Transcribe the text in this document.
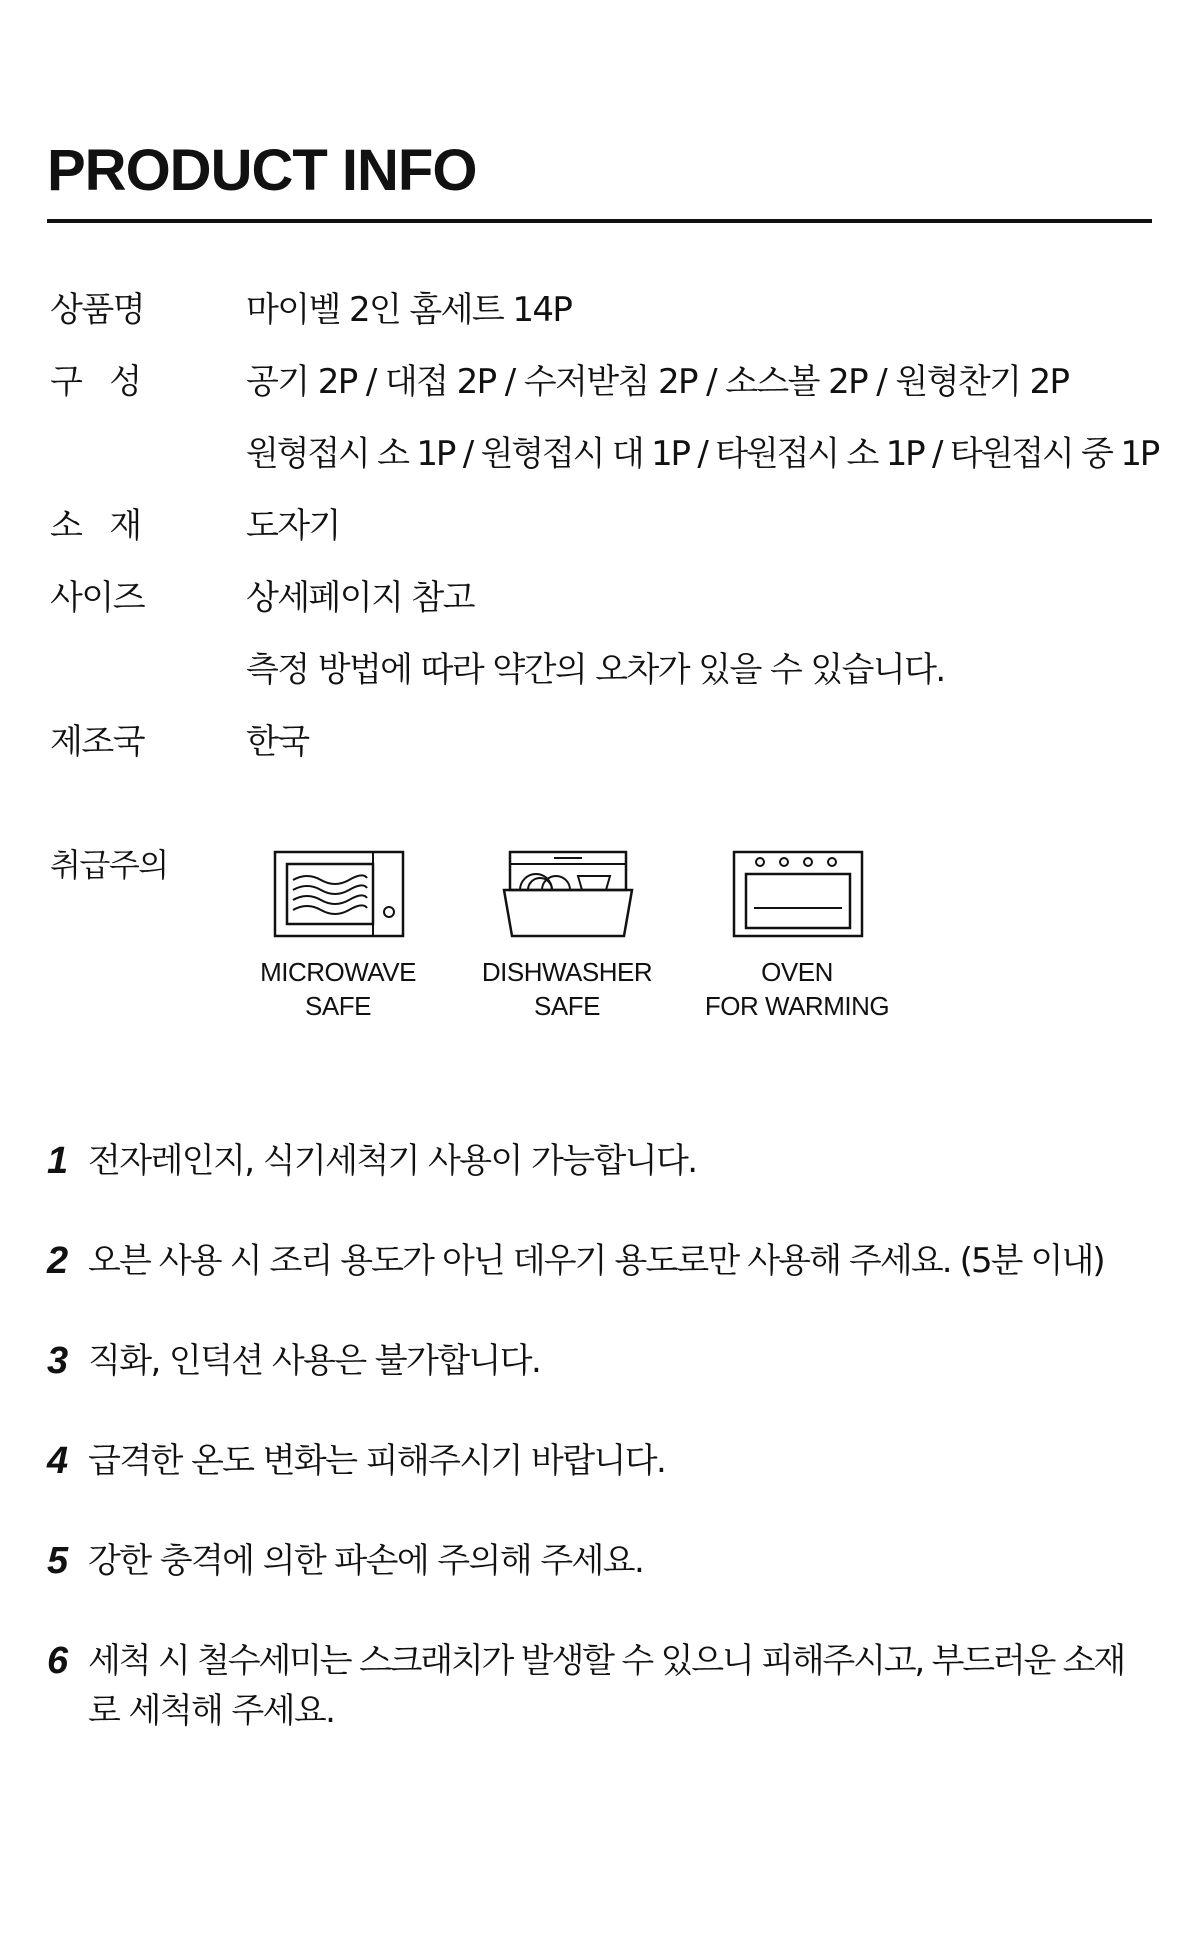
PRODUCT INFO
상품명	마이벨 2인 홈세트 14P
구   성	공기 2P / 대접 2P / 수저받침 2P / 소스볼 2P / 원형찬기 2P
원형접시 소 1P / 원형접시 대 1P / 타원접시 소 1P / 타원접시 중 1P
소   재	도자기
사이즈	상세페이지 참고
측정 방법에 따라 약간의 오차가 있을 수 있습니다.
제조국	한국
취급주의
MICROWAVE
SAFE
DISHWASHER
SAFE
OVEN
FOR WARMING
1 전자레인지, 식기세척기 사용이 가능합니다.
2 오븐 사용 시 조리 용도가 아닌 데우기 용도로만 사용해 주세요. (5분 이내)
3 직화, 인덕션 사용은 불가합니다.
4 급격한 온도 변화는 피해주시기 바랍니다.
5 강한 충격에 의한 파손에 주의해 주세요.
6 세척 시 철수세미는 스크래치가 발생할 수 있으니 피해주시고, 부드러운 소재
로 세척해 주세요.
